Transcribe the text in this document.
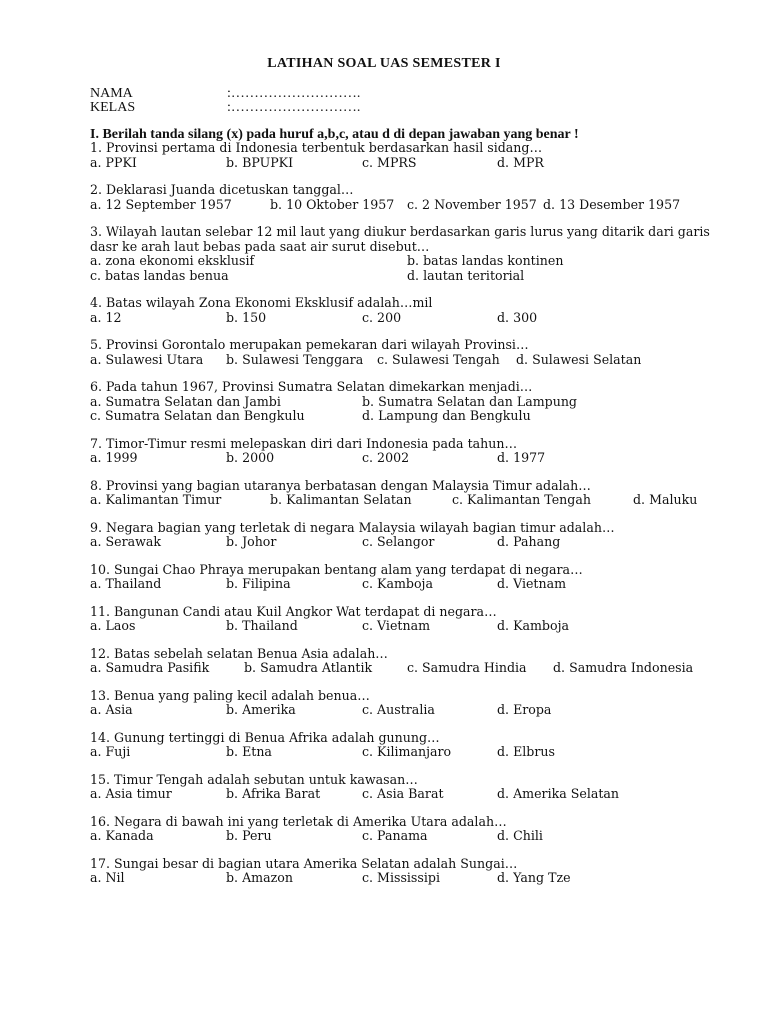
LATIHAN SOAL UAS SEMESTER I
NAMA	:……………………….
KELAS	:……………………….
I. Berilah tanda silang (x) pada huruf a,b,c, atau d di depan jawaban yang benar !
1. Provinsi pertama di Indonesia terbentuk berdasarkan hasil sidang…
a. PPKI	b. BPUPKI	c. MPRS	d. MPR
2. Deklarasi Juanda dicetuskan tanggal…
a. 12 September 1957	b. 10 Oktober 1957 c. 2 November 1957 d. 13 Desember 1957
3. Wilayah lautan selebar 12 mil laut yang diukur berdasarkan garis lurus yang ditarik dari garis dasr ke arah laut bebas pada saat air surut disebut…
a. zona ekonomi eksklusif	b. batas landas kontinen
c. batas landas benua	d. lautan teritorial
4. Batas wilayah Zona Ekonomi Eksklusif adalah…mil
a. 12	b. 150	c. 200	d. 300
5. Provinsi Gorontalo merupakan pemekaran dari wilayah Provinsi…
a. Sulawesi Utara b. Sulawesi Tenggara c. Sulawesi Tengah d. Sulawesi Selatan
6. Pada tahun 1967, Provinsi Sumatra Selatan dimekarkan menjadi…
a. Sumatra Selatan dan Jambi	b. Sumatra Selatan dan Lampung
c. Sumatra Selatan dan Bengkulu	d. Lampung dan Bengkulu
7. Timor-Timur resmi melepaskan diri dari Indonesia pada tahun…
a. 1999	b. 2000	c. 2002	d. 1977
8. Provinsi yang bagian utaranya berbatasan dengan Malaysia Timur adalah…
a. Kalimantan Timur	b. Kalimantan Selatan	c. Kalimantan Tengah	d. Maluku
9. Negara bagian yang terletak di negara Malaysia wilayah bagian timur adalah…
a. Serawak	b. Johor	c. Selangor	d. Pahang
10. Sungai Chao Phraya merupakan bentang alam yang terdapat di negara…
a. Thailand	b. Filipina	c. Kamboja	d. Vietnam
11. Bangunan Candi atau Kuil Angkor Wat terdapat di negara…
a. Laos	b. Thailand	c. Vietnam	d. Kamboja
12. Batas sebelah selatan Benua Asia adalah…
a. Samudra Pasifik	b. Samudra Atlantik	c. Samudra Hindia d. Samudra Indonesia
13. Benua yang paling kecil adalah benua…
a. Asia	b. Amerika	c. Australia	d. Eropa
14. Gunung tertinggi di Benua Afrika adalah gunung…
a. Fuji	b. Etna	c. Kilimanjaro	d. Elbrus
15. Timur Tengah adalah sebutan untuk kawasan…
a. Asia timur	b. Afrika Barat	c. Asia Barat	d. Amerika Selatan
16. Negara di bawah ini yang terletak di Amerika Utara adalah…
a. Kanada	b. Peru	c. Panama	d. Chili
17. Sungai besar di bagian utara Amerika Selatan adalah Sungai…
a. Nil	b. Amazon	c. Mississipi	d. Yang Tze
